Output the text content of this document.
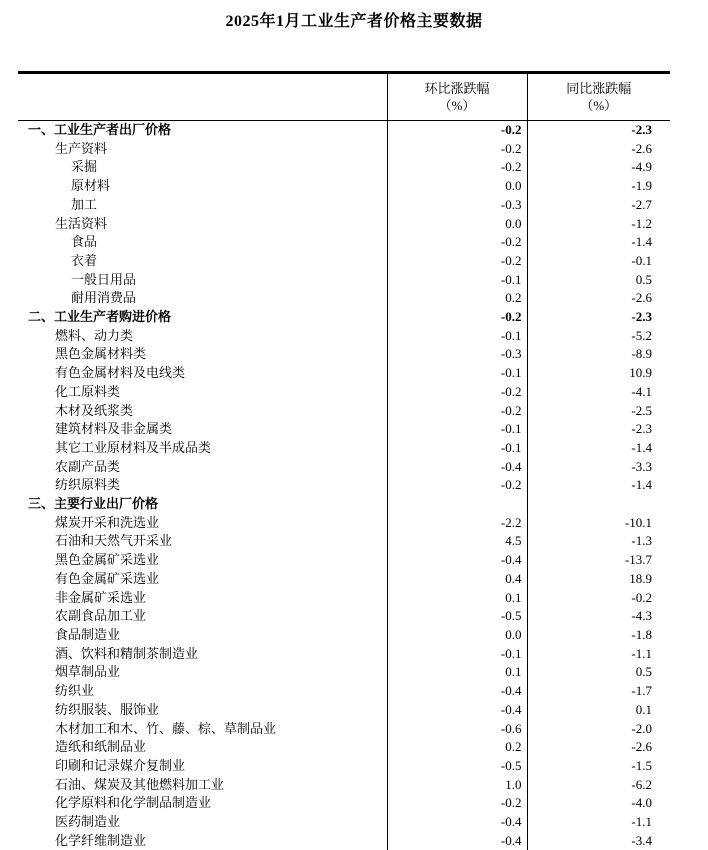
2025年1月工业生产者价格主要数据

环比涨跌幅
（%）

同比涨跌幅
（%）

一、工业生产者出厂价格	-0.2	-2.3
生产资料	-0.2	-2.6
采掘	-0.2	-4.9
原材料	0.0	-1.9
加工	-0.3	-2.7
生活资料	0.0	-1.2
食品	-0.2	-1.4
衣着	-0.2	-0.1
一般日用品	-0.1	0.5
耐用消费品	0.2	-2.6
二、工业生产者购进价格	-0.2	-2.3
燃料、动力类	-0.1	-5.2
黑色金属材料类	-0.3	-8.9
有色金属材料及电线类	-0.1	10.9
化工原料类	-0.2	-4.1
木材及纸浆类	-0.2	-2.5
建筑材料及非金属类	-0.1	-2.3
其它工业原材料及半成品类	-0.1	-1.4
农副产品类	-0.4	-3.3
纺织原料类	-0.2	-1.4
三、主要行业出厂价格		
煤炭开采和洗选业	-2.2	-10.1
石油和天然气开采业	4.5	-1.3
黑色金属矿采选业	-0.4	-13.7
有色金属矿采选业	0.4	18.9
非金属矿采选业	0.1	-0.2
农副食品加工业	-0.5	-4.3
食品制造业	0.0	-1.8
酒、饮料和精制茶制造业	-0.1	-1.1
烟草制品业	0.1	0.5
纺织业	-0.4	-1.7
纺织服装、服饰业	-0.4	0.1
木材加工和木、竹、藤、棕、草制品业	-0.6	-2.0
造纸和纸制品业	0.2	-2.6
印刷和记录媒介复制业	-0.5	-1.5
石油、煤炭及其他燃料加工业	1.0	-6.2
化学原料和化学制品制造业	-0.2	-4.0
医药制造业	-0.4	-1.1
化学纤维制造业	-0.4	-3.4
